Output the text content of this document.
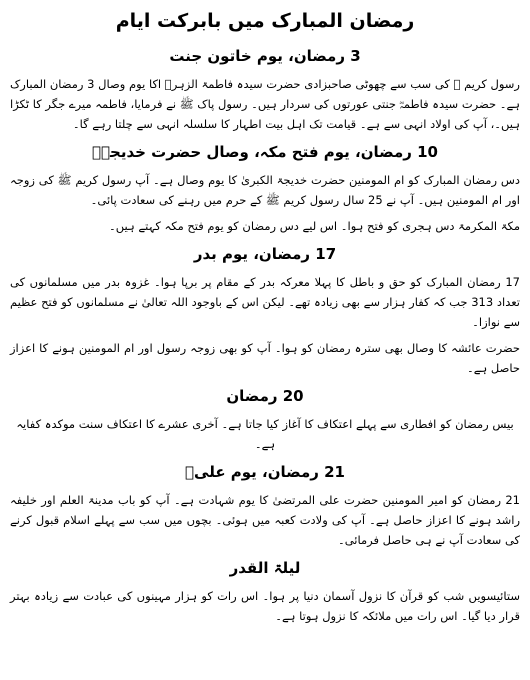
رمضان المبارک میں بابرکت ایام
3 رمضان، یوم خاتون جنت

رسول کریم ﷺ کی سب سے چھوٹی صاحبزادی حضرت سیدہ فاطمۃ الزہرؓ اکا یوم وصال 3 رمضان المبارک ہے۔ حضرت سیدہ فاطمہؓ جنتی عورتوں کی سردار ہیں۔ رسول پاک ﷺ نے فرمایا، فاطمہ میرے جگر کا ٹکڑا ہیں۔، آپ کی اولاد انہی سے ہے۔ قیامت تک اہل بیت اطہار کا سلسلہ انہی سے چلتا رہے گا۔

10 رمضان، یوم فتح مکہ، وصال حضرت خدیجہؓ

دس رمضان المبارک کو ام المومنین حضرت خدیجۃ الکبریٰ کا یوم وصال ہے۔ آپ رسول کریم ﷺ کی زوجہ اور ام المومنین ہیں۔ آپ نے 25 سال رسول کریم ﷺ کے حرم میں رہنے کی سعادت پائی۔

مکۃ المکرمۃ دس ہجری کو فتح ہوا۔ اس لیے دس رمضان کو یوم فتح مکہ کہتے ہیں۔

17 رمضان، یوم بدر

17 رمضان المبارک کو حق و باطل کا پہلا معرکہ بدر کے مقام پر برپا ہوا۔ غزوہ بدر میں مسلمانوں کی تعداد 313 جب کہ کفار ہزار سے بھی زیادہ تھے۔ لیکن اس کے باوجود اللہ تعالیٰ نے مسلمانوں کو فتح عظیم سے نوازا۔

حضرت عائشہ کا وصال بھی سترہ رمضان کو ہوا۔ آپ کو بھی زوجہ رسول اور ام المومنین ہونے کا اعزاز حاصل ہے۔

20 رمضان

بیس رمضان کو افطاری سے پہلے اعتکاف کا آغاز کیا جاتا ہے۔ آخری عشرے کا اعتکاف سنت موکدہ کفایہ ہے۔

21 رمضان، یوم علیؓ

21 رمضان کو امیر المومنین حضرت علی المرتضیٰ کا یوم شہادت ہے۔ آپ کو باب مدینۃ العلم اور خلیفہ راشد ہونے کا اعزاز حاصل ہے۔ آپ کی ولادت کعبہ میں ہوئی۔ بچوں میں سب سے پہلے اسلام قبول کرنے کی سعادت آپ نے ہی حاصل فرمائی۔

لیلۃ القدر

ستائیسویں شب کو قرآن کا نزول آسمان دنیا پر ہوا۔ اس رات کو ہزار مہینوں کی عبادت سے زیادہ بہتر قرار دیا گیا۔ اس رات میں ملائکہ کا نزول ہوتا ہے۔
